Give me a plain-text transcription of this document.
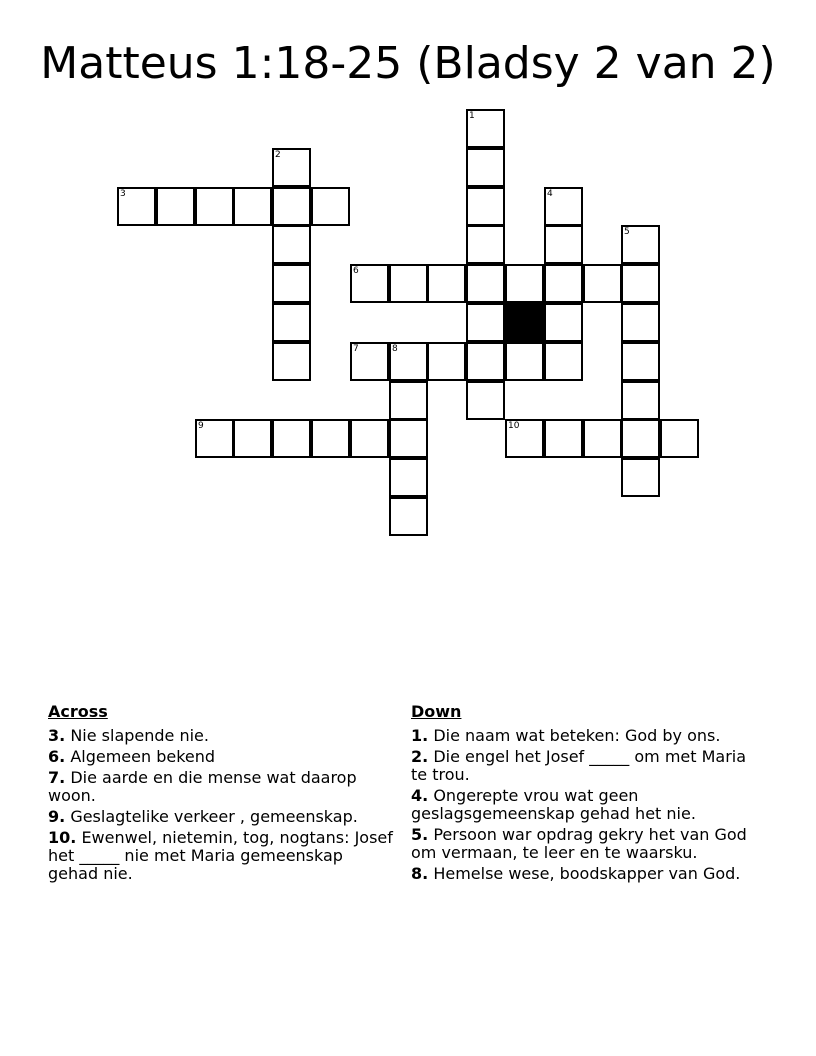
Matteus 1:18-25 (Bladsy 2 van 2)
1
2
3	4
5
6
7	8
9	10
Across
3. Nie slapende nie.
6. Algemeen bekend
7. Die aarde en die mense wat daarop woon.
9. Geslagtelike verkeer , gemeenskap.
10. Ewenwel, nietemin, tog, nogtans: Josef het _____ nie met Maria gemeenskap gehad nie.
Down
1. Die naam wat beteken: God by ons.
2. Die engel het Josef _____ om met Maria te trou.
4. Ongerepte vrou wat geen geslagsgemeenskap gehad het nie.
5. Persoon war opdrag gekry het van God om vermaan, te leer en te waarsku.
8. Hemelse wese, boodskapper van God.
